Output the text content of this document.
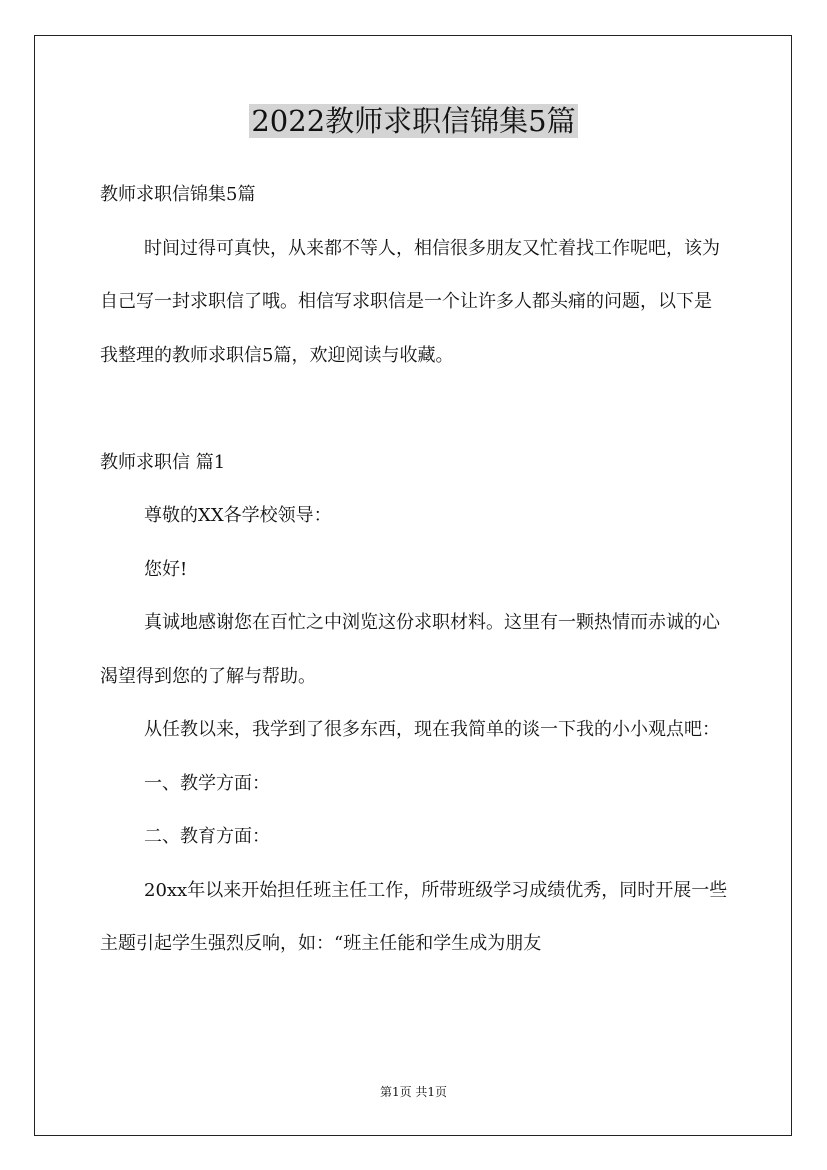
2022教师求职信锦集5篇

教师求职信锦集5篇

时间过得可真快，从来都不等人，相信很多朋友又忙着找工作呢吧，该为自己写一封求职信了哦。相信写求职信是一个让许多人都头痛的问题，以下是我整理的教师求职信5篇，欢迎阅读与收藏。

教师求职信 篇1

尊敬的XX各学校领导：

您好!

真诚地感谢您在百忙之中浏览这份求职材料。这里有一颗热情而赤诚的心渴望得到您的了解与帮助。

从任教以来，我学到了很多东西，现在我简单的谈一下我的小小观点吧：

一、教学方面：

二、教育方面：

20xx年以来开始担任班主任工作，所带班级学习成绩优秀，同时开展一些主题引起学生强烈反响，如：“班主任能和学生成为朋友

第1页 共1页
